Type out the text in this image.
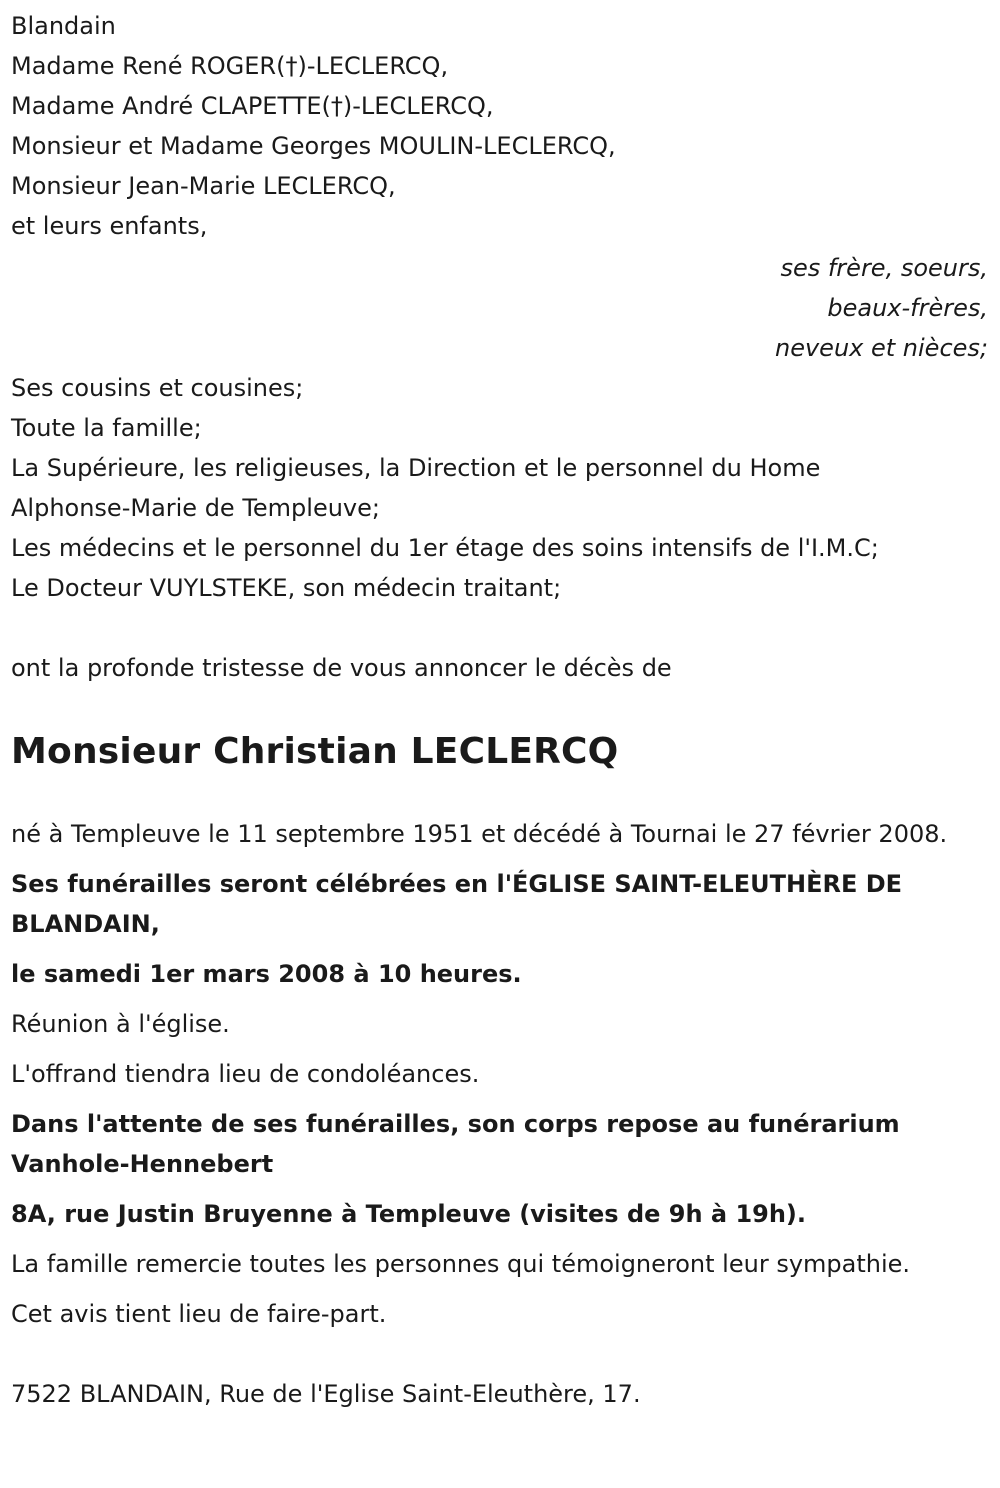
Blandain
Madame René ROGER(†)-LECLERCQ,
Madame André CLAPETTE(†)-LECLERCQ,
Monsieur et Madame Georges MOULIN-LECLERCQ,
Monsieur Jean-Marie LECLERCQ,
et leurs enfants,
ses frère, soeurs,
beaux-frères,
neveux et nièces;
Ses cousins et cousines;
Toute la famille;
La Supérieure, les religieuses, la Direction et le personnel du Home
Alphonse-Marie de Templeuve;
Les médecins et le personnel du 1er étage des soins intensifs de l'I.M.C;
Le Docteur VUYLSTEKE, son médecin traitant;
ont la profonde tristesse de vous annoncer le décès de
Monsieur Christian LECLERCQ
né à Templeuve le 11 septembre 1951 et décédé à Tournai le 27 février 2008.
Ses funérailles seront célébrées en l'ÉGLISE SAINT-ELEUTHÈRE DE BLANDAIN,
le samedi 1er mars 2008 à 10 heures.
Réunion à l'église.
L'offrand tiendra lieu de condoléances.
Dans l'attente de ses funérailles, son corps repose au funérarium Vanhole-Hennebert
8A, rue Justin Bruyenne à Templeuve (visites de 9h à 19h).
La famille remercie toutes les personnes qui témoigneront leur sympathie.
Cet avis tient lieu de faire-part.
7522 BLANDAIN, Rue de l'Eglise Saint-Eleuthère, 17.
